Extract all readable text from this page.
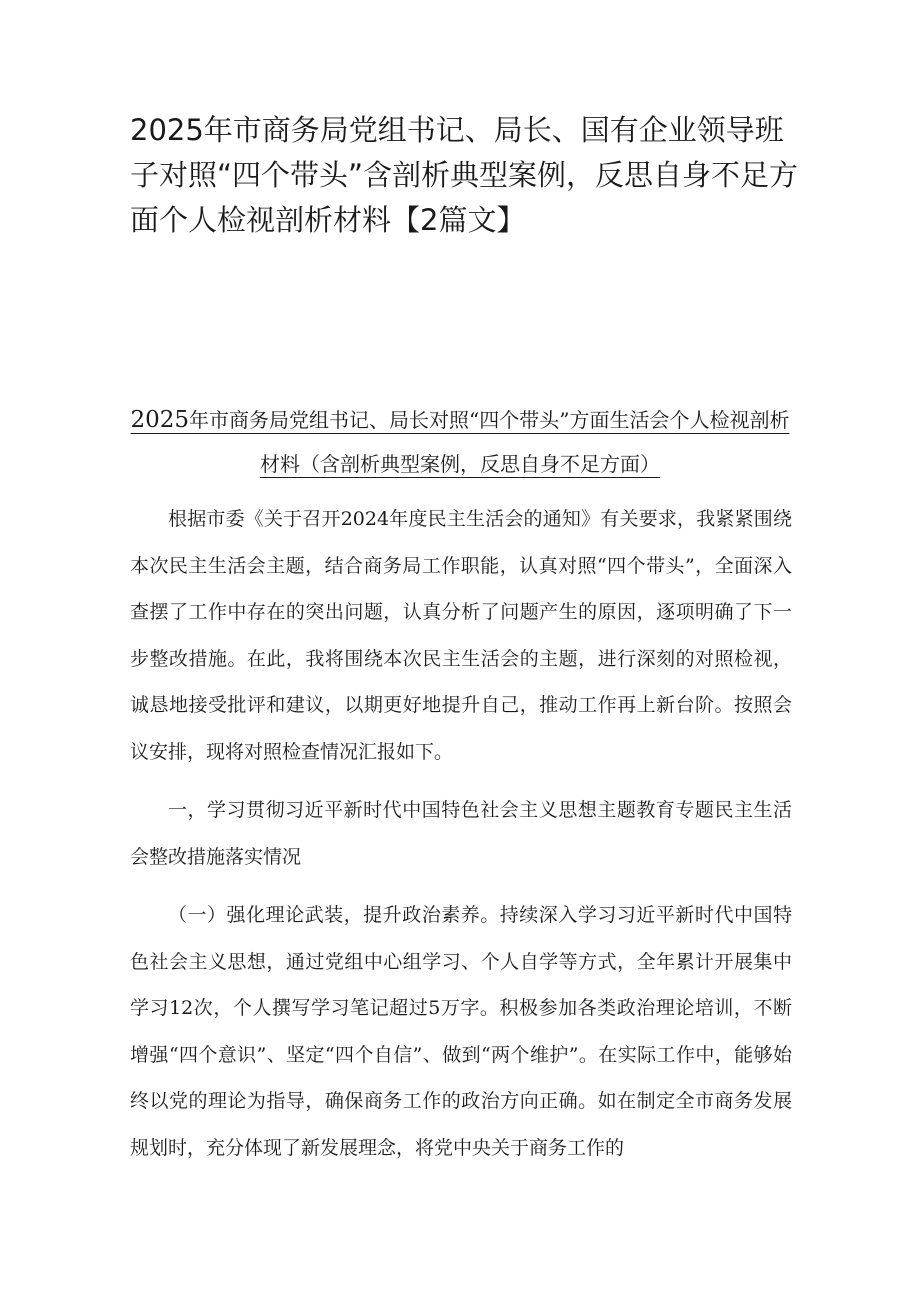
2025年市商务局党组书记、局长、国有企业领导班子对照“四个带头”含剖析典型案例，反思自身不足方面个人检视剖析材料【2篇文】
2025年市商务局党组书记、局长对照“四个带头”方面生活会个人检视剖析材料（含剖析典型案例，反思自身不足方面）

根据市委《关于召开2024年度民主生活会的通知》有关要求，我紧紧围绕本次民主生活会主题，结合商务局工作职能，认真对照“四个带头”，全面深入查摆了工作中存在的突出问题，认真分析了问题产生的原因，逐项明确了下一步整改措施。在此，我将围绕本次民主生活会的主题，进行深刻的对照检视，诚恳地接受批评和建议，以期更好地提升自己，推动工作再上新台阶。按照会议安排，现将对照检查情况汇报如下。

一，学习贯彻习近平新时代中国特色社会主义思想主题教育专题民主生活会整改措施落实情况

（一）强化理论武装，提升政治素养。持续深入学习习近平新时代中国特色社会主义思想，通过党组中心组学习、个人自学等方式，全年累计开展集中学习12次，个人撰写学习笔记超过5万字。积极参加各类政治理论培训，不断增强“四个意识”、坚定“四个自信”、做到“两个维护”。在实际工作中，能够始终以党的理论为指导，确保商务工作的政治方向正确。如在制定全市商务发展规划时，充分体现了新发展理念，将党中央关于商务工作的
